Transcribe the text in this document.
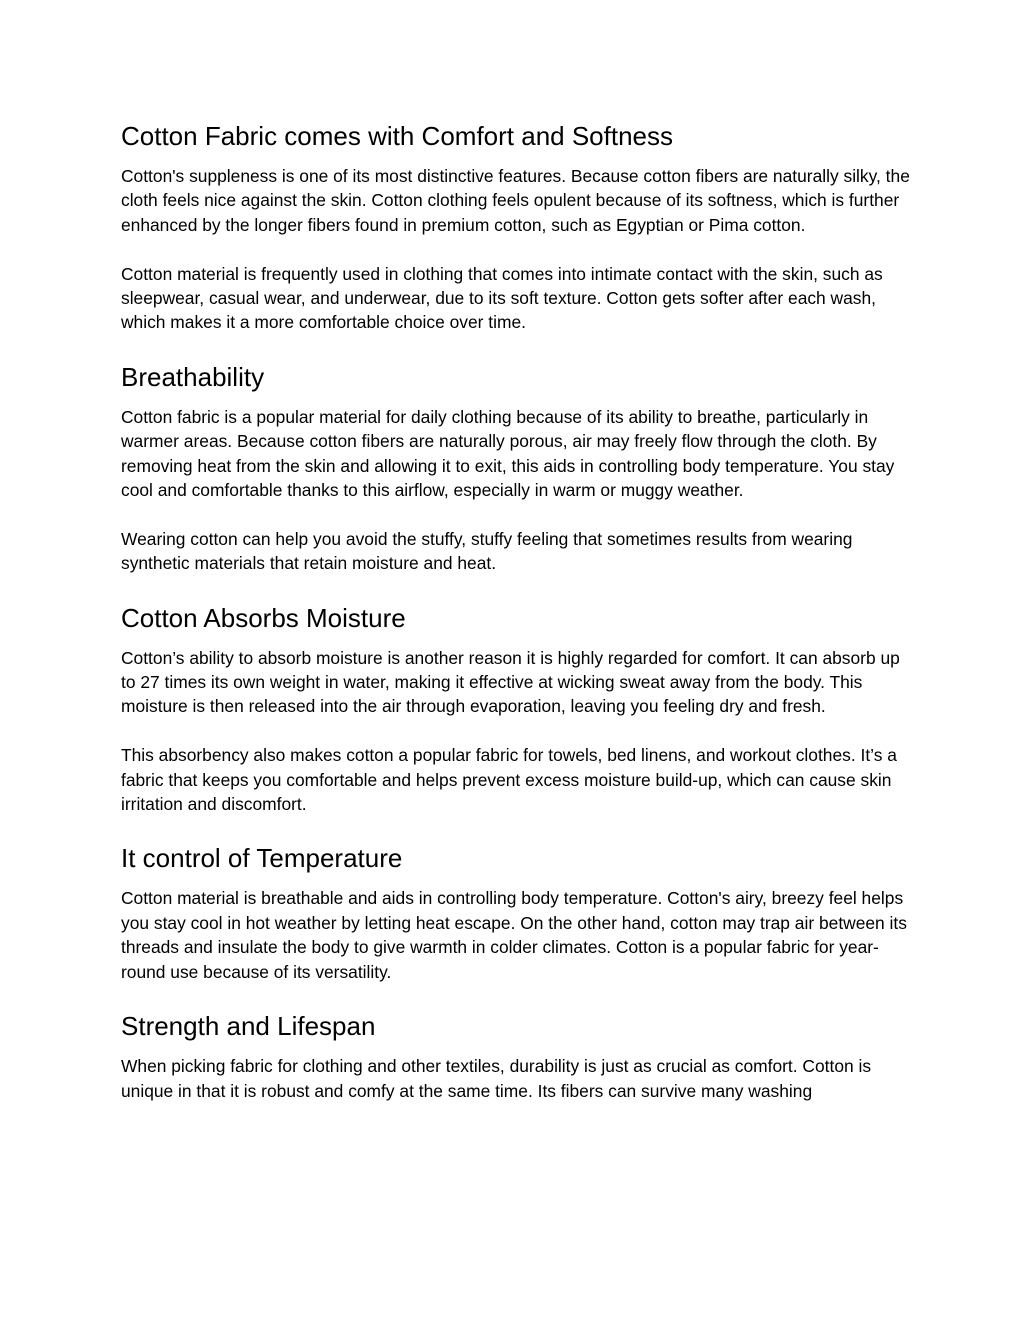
Cotton Fabric comes with Comfort and Softness

Cotton's suppleness is one of its most distinctive features. Because cotton fibers are naturally silky, the cloth feels nice against the skin. Cotton clothing feels opulent because of its softness, which is further enhanced by the longer fibers found in premium cotton, such as Egyptian or Pima cotton.

Cotton material is frequently used in clothing that comes into intimate contact with the skin, such as sleepwear, casual wear, and underwear, due to its soft texture. Cotton gets softer after each wash, which makes it a more comfortable choice over time.

Breathability

Cotton fabric is a popular material for daily clothing because of its ability to breathe, particularly in warmer areas. Because cotton fibers are naturally porous, air may freely flow through the cloth. By removing heat from the skin and allowing it to exit, this aids in controlling body temperature. You stay cool and comfortable thanks to this airflow, especially in warm or muggy weather.

Wearing cotton can help you avoid the stuffy, stuffy feeling that sometimes results from wearing synthetic materials that retain moisture and heat.

Cotton Absorbs Moisture

Cotton’s ability to absorb moisture is another reason it is highly regarded for comfort. It can absorb up to 27 times its own weight in water, making it effective at wicking sweat away from the body. This moisture is then released into the air through evaporation, leaving you feeling dry and fresh.

This absorbency also makes cotton a popular fabric for towels, bed linens, and workout clothes. It’s a fabric that keeps you comfortable and helps prevent excess moisture build-up, which can cause skin irritation and discomfort.

It control of Temperature

Cotton material is breathable and aids in controlling body temperature. Cotton's airy, breezy feel helps you stay cool in hot weather by letting heat escape. On the other hand, cotton may trap air between its threads and insulate the body to give warmth in colder climates. Cotton is a popular fabric for year-round use because of its versatility.

Strength and Lifespan

When picking fabric for clothing and other textiles, durability is just as crucial as comfort. Cotton is unique in that it is robust and comfy at the same time. Its fibers can survive many washing
